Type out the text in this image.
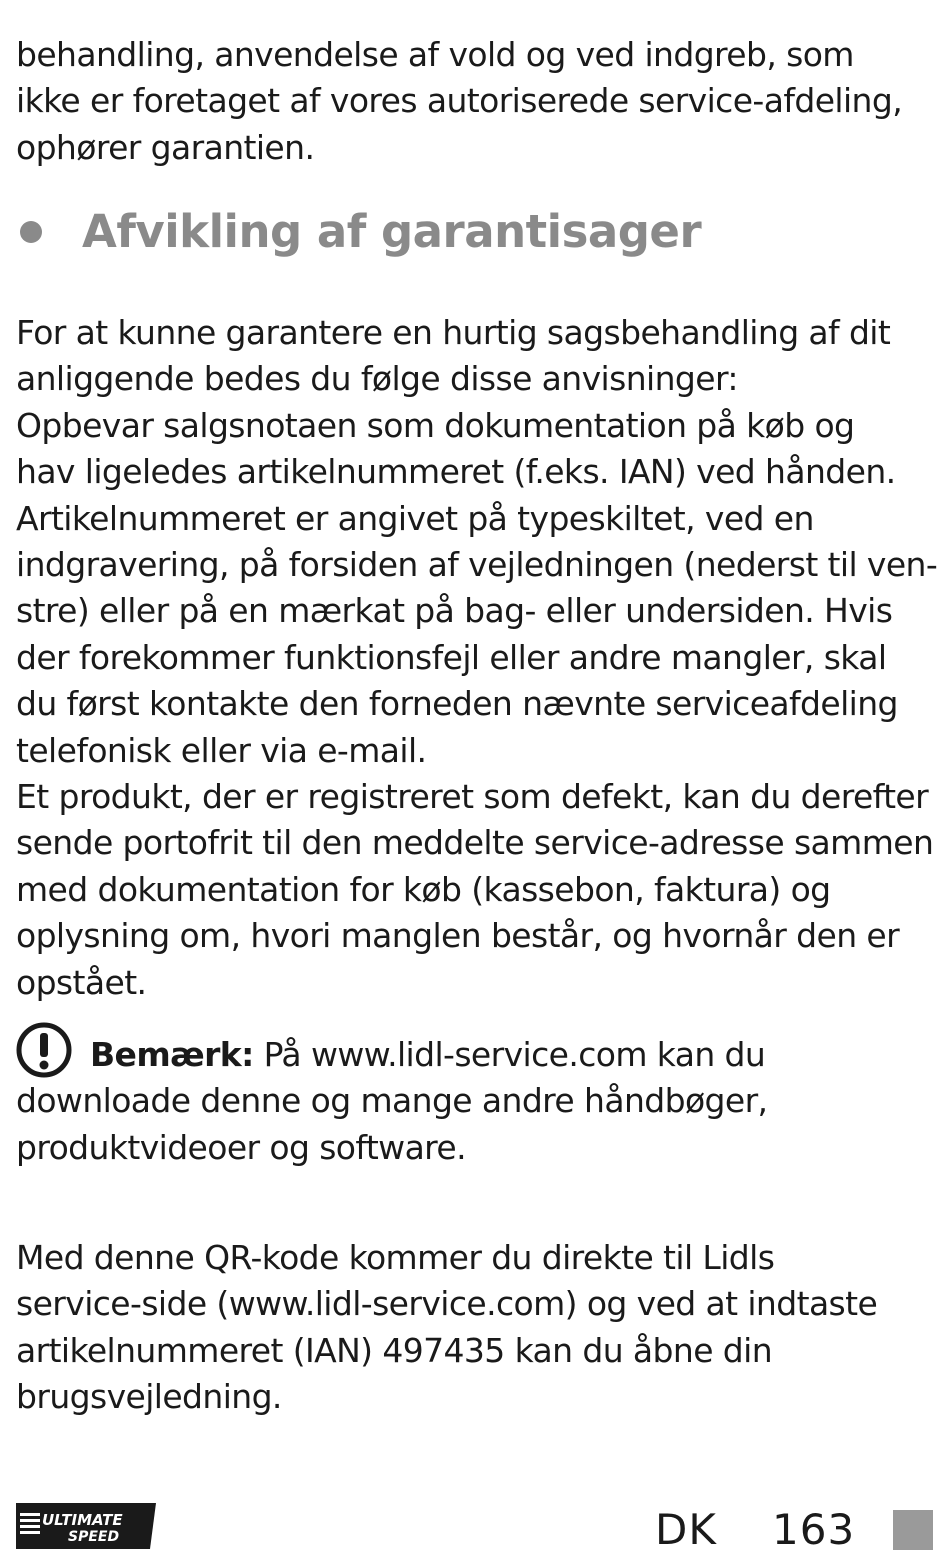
behandling, anvendelse af vold og ved indgreb, som
ikke er foretaget af vores autoriserede service-afdeling,
ophører garantien.

Afvikling af garantisager

For at kunne garantere en hurtig sagsbehandling af dit
anliggende bedes du følge disse anvisninger:
Opbevar salgsnotaen som dokumentation på køb og
hav ligeledes artikelnummeret (f.eks. IAN) ved hånden.
Artikelnummeret er angivet på typeskiltet, ved en
indgravering, på forsiden af vejledningen (nederst til ven-
stre) eller på en mærkat på bag- eller undersiden. Hvis
der forekommer funktionsfejl eller andre mangler, skal
du først kontakte den forneden nævnte serviceafdeling
telefonisk eller via e-mail.
Et produkt, der er registreret som defekt, kan du derefter
sende portofrit til den meddelte service-adresse sammen
med dokumentation for køb (kassebon, faktura) og
oplysning om, hvori manglen består, og hvornår den er
opstået.

Bemærk: På www.lidl-service.com kan du
downloade denne og mange andre håndbøger,
produktvideoer og software.

Med denne QR-kode kommer du direkte til Lidls
service-side (www.lidl-service.com) og ved at indtaste
artikelnummeret (IAN) 497435 kan du åbne din
brugsvejledning.

ULTIMATE
SPEED	DK 163
